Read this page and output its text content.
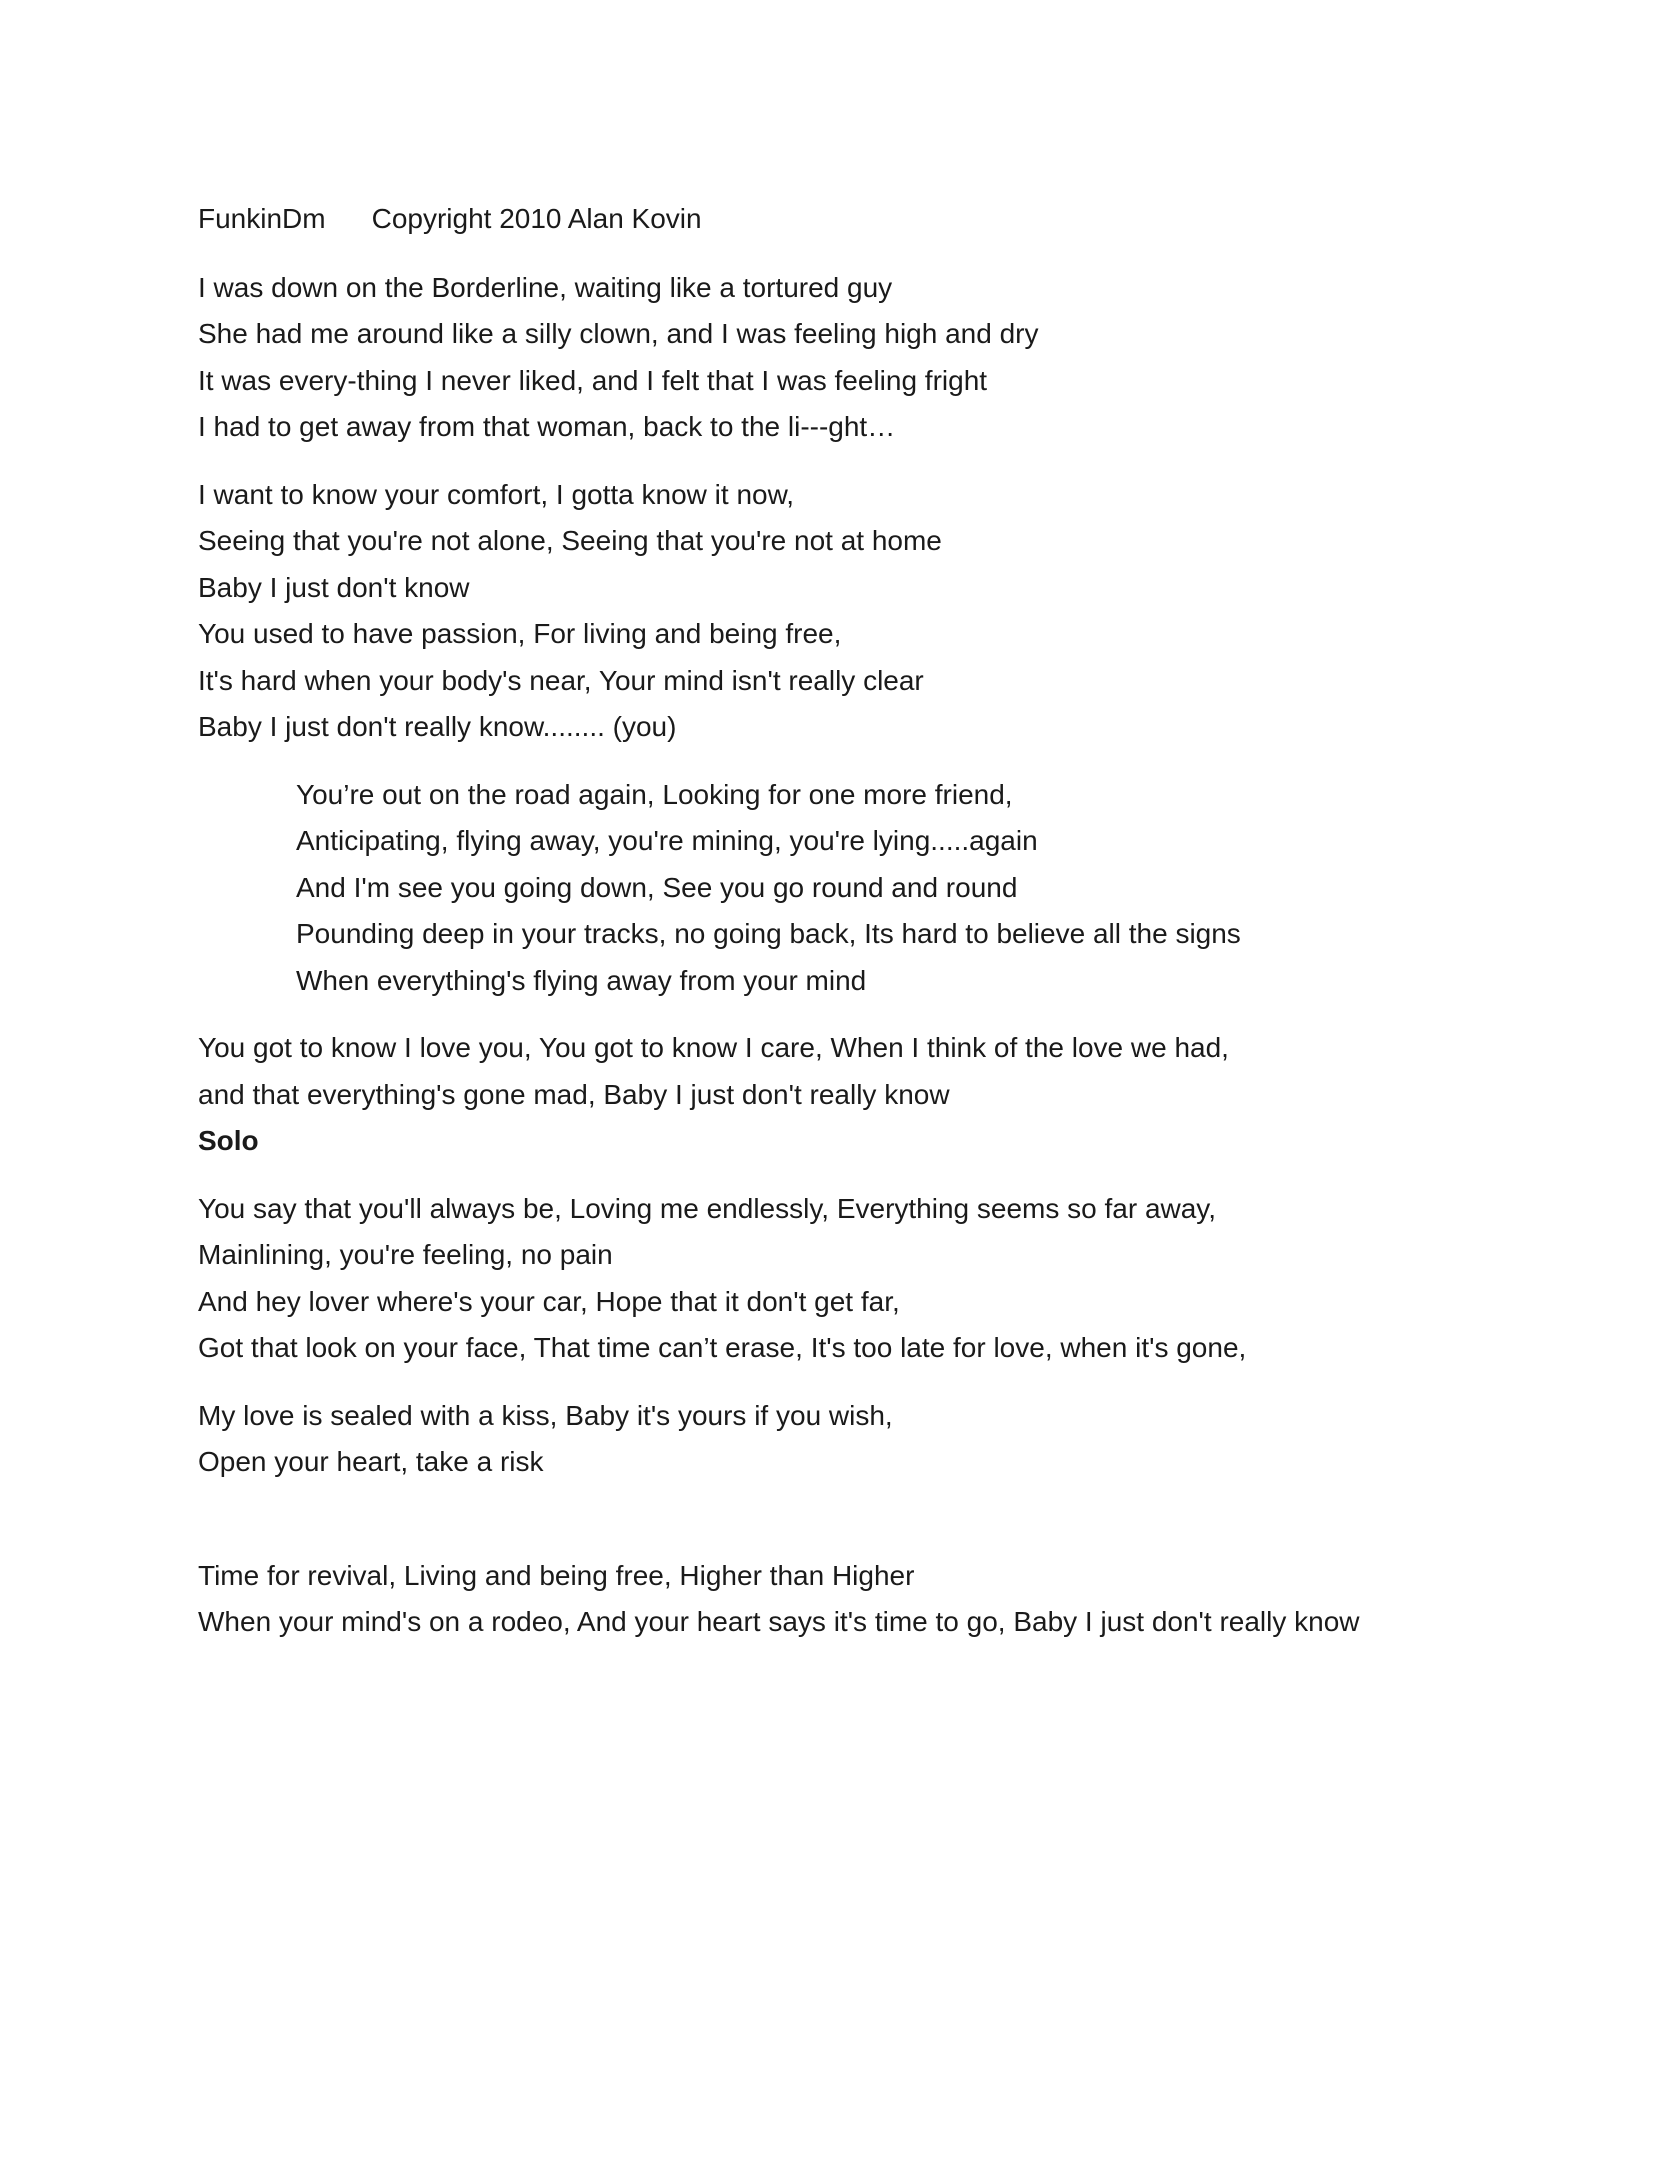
FunkinDm Copyright 2010 Alan Kovin
I was down on the Borderline, waiting like a tortured guy
She had me around like a silly clown, and I was feeling high and dry
It was every-thing I never liked, and I felt that I was feeling fright
I had to get away from that woman, back to the li---ght…
I want to know your comfort, I gotta know it now,
Seeing that you're not alone, Seeing that you're not at home
Baby I just don't know
You used to have passion, For living and being free,
It's hard when your body's near, Your mind isn't really clear
Baby I just don't really know........ (you)
You’re out on the road again, Looking for one more friend,
Anticipating, flying away, you're mining, you're lying.....again
And I'm see you going down, See you go round and round
Pounding deep in your tracks, no going back, Its hard to believe all the signs
When everything's flying away from your mind
You got to know I love you, You got to know I care, When I think of the love we had,
and that everything's gone mad, Baby I just don't really know
Solo
You say that you'll always be, Loving me endlessly, Everything seems so far away,
Mainlining, you're feeling, no pain
And hey lover where's your car, Hope that it don't get far,
Got that look on your face, That time can’t erase, It's too late for love, when it's gone,
My love is sealed with a kiss, Baby it's yours if you wish,
Open your heart, take a risk
Time for revival, Living and being free, Higher than Higher
When your mind's on a rodeo, And your heart says it's time to go, Baby I just don't really know
